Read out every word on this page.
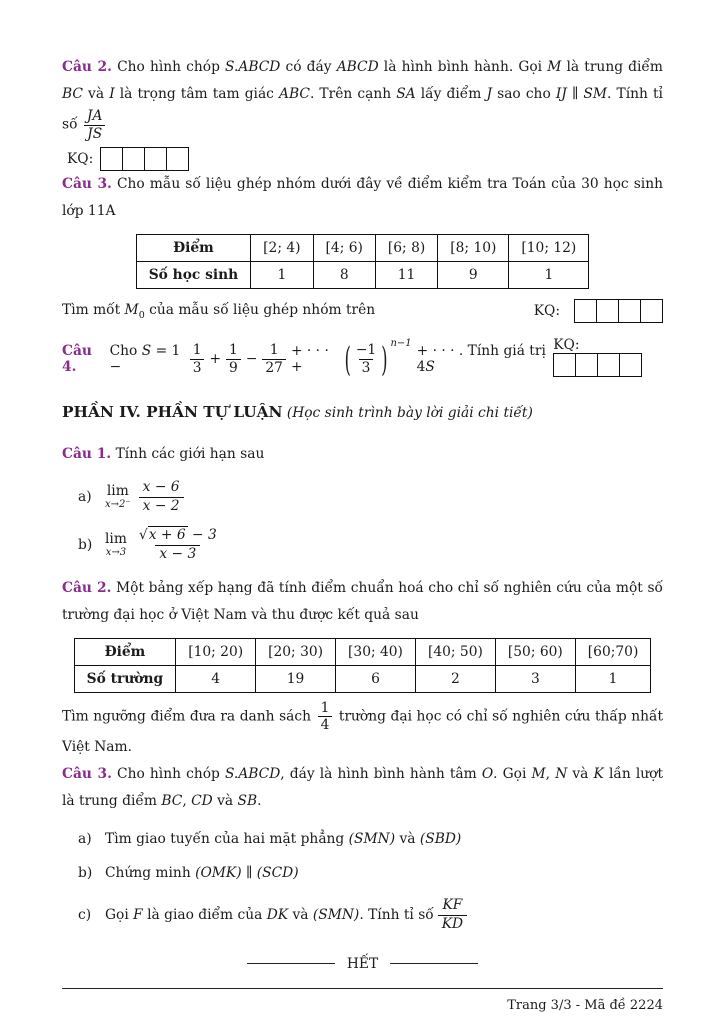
Câu 2. Cho hình chóp S.ABCD có đáy ABCD là hình bình hành. Gọi M là trung điểm BC và I là trọng tâm tam giác ABC. Trên cạnh SA lấy điểm J sao cho IJ ∥ SM. Tính tỉ số $\frac{JA}{JS}$

KQ:

Câu 3. Cho mẫu số liệu ghép nhóm dưới đây về điểm kiểm tra Toán của 30 học sinh lớp 11A

Điểm	[2; 4)	[4; 6)	[6; 8)	[8; 10)	[10; 12)
Số học sinh	1	8	11	9	1
Tìm mốt $M_0$ của mẫu số liệu ghép nhóm trên	KQ:
Câu 4.
Cho S = 1 −	$\frac{1}{3} + \frac{1}{9} - \frac{1}{27}$ + · · · +	( $\frac{-1}{3}$ ) $^{n-1}$ + · · · . Tính giá trị 4S
KQ:

PHẦN IV. PHẦN TỰ LUẬN (Học sinh trình bày lời giải chi tiết)

Câu 1. Tính các giới hạn sau

a)	lim
$x\to 2^- \frac{x - 6}{x - 2}$
b) lim
$x\to 3 \frac{√x + 6 - 3}{x - 3}$

Câu 2. Một bảng xếp hạng đã tính điểm chuẩn hoá cho chỉ số nghiên cứu của một số trường đại học ở Việt Nam và thu được kết quả sau

Điểm	[10; 20)	[20; 30)	[30; 40)	[40; 50)	[50; 60)	[60;70)
Số trường	4	19	6	2	3	1

Tìm ngưỡng điểm đưa ra danh sách $\frac{1}{4}$ trường đại học có chỉ số nghiên cứu thấp nhất Việt Nam.

Câu 3. Cho hình chóp S.ABCD, đáy là hình bình hành tâm O. Gọi M, N và K lần lượt là trung điểm BC, CD và SB.

a) Tìm giao tuyến của hai mặt phẳng (SMN) và (SBD)
b) Chứng minh (OMK) ∥ (SCD)
c)	Gọi F là giao điểm của DK và (SMN). Tính tỉ số $\frac{KF}{KD}$
HẾT
Trang 3/3 - Mã đề 2224
